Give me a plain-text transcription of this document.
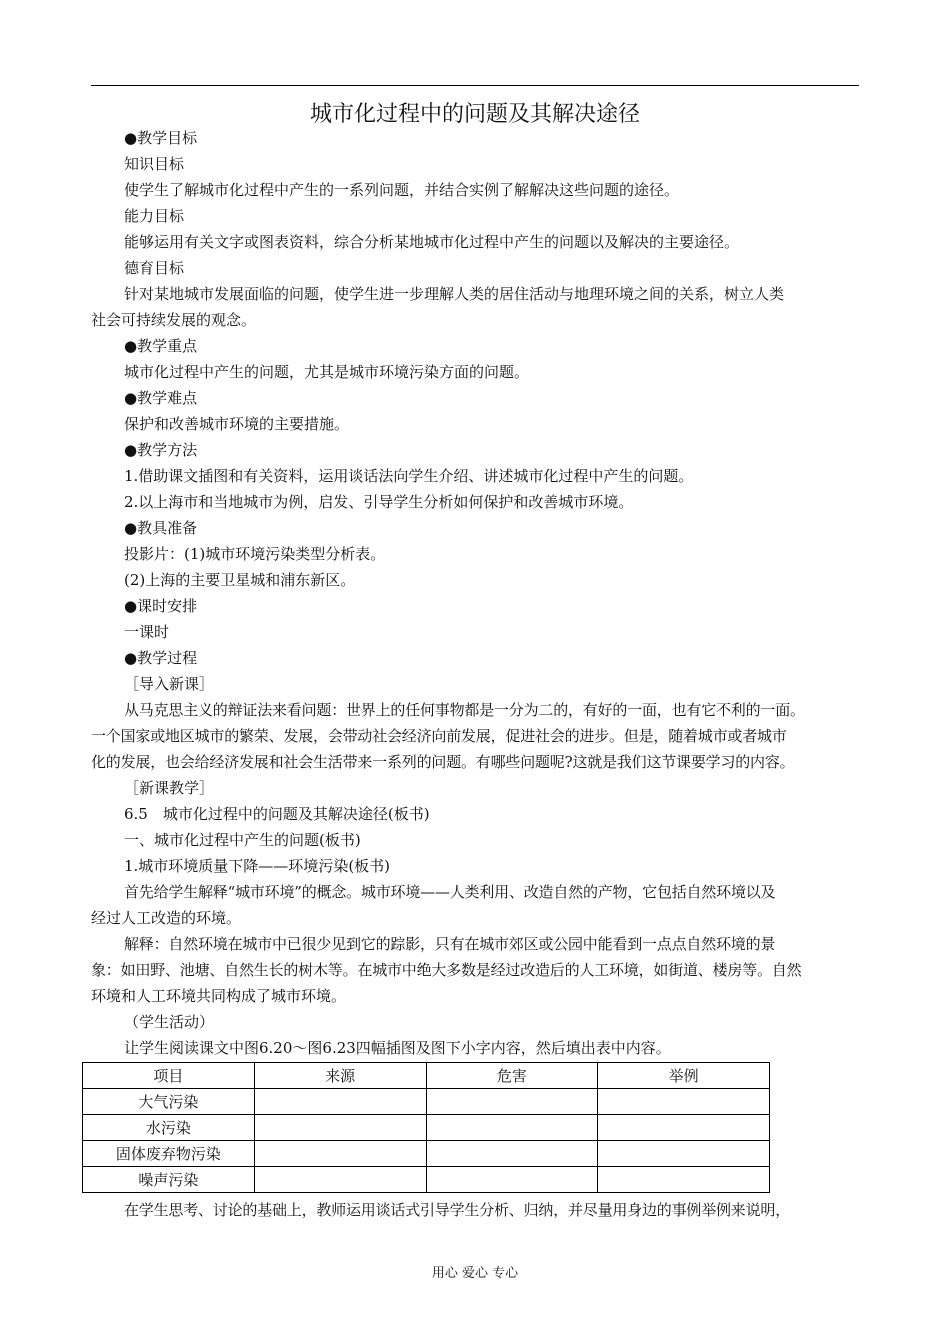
城市化过程中的问题及其解决途径
●教学目标
知识目标
使学生了解城市化过程中产生的一系列问题，并结合实例了解解决这些问题的途径。
能力目标
能够运用有关文字或图表资料，综合分析某地城市化过程中产生的问题以及解决的主要途径。
德育目标
针对某地城市发展面临的问题，使学生进一步理解人类的居住活动与地理环境之间的关系，树立人类
社会可持续发展的观念。
●教学重点
城市化过程中产生的问题，尤其是城市环境污染方面的问题。
●教学难点
保护和改善城市环境的主要措施。
●教学方法
1.借助课文插图和有关资料，运用谈话法向学生介绍、讲述城市化过程中产生的问题。
2.以上海市和当地城市为例，启发、引导学生分析如何保护和改善城市环境。
●教具准备
投影片：(1)城市环境污染类型分析表。
(2)上海的主要卫星城和浦东新区。
●课时安排
一课时
●教学过程
［导入新课］
从马克思主义的辩证法来看问题：世界上的任何事物都是一分为二的，有好的一面，也有它不利的一面。
一个国家或地区城市的繁荣、发展，会带动社会经济向前发展，促进社会的进步。但是，随着城市或者城市
化的发展，也会给经济发展和社会生活带来一系列的问题。有哪些问题呢?这就是我们这节课要学习的内容。
［新课教学］
6.5　城市化过程中的问题及其解决途径(板书)
一、城市化过程中产生的问题(板书)
1.城市环境质量下降——环境污染(板书)
首先给学生解释“城市环境”的概念。城市环境——人类利用、改造自然的产物，它包括自然环境以及
经过人工改造的环境。
解释：自然环境在城市中已很少见到它的踪影，只有在城市郊区或公园中能看到一点点自然环境的景
象：如田野、池塘、自然生长的树木等。在城市中绝大多数是经过改造后的人工环境，如街道、楼房等。自然
环境和人工环境共同构成了城市环境。
（学生活动）
让学生阅读课文中图6.20～图6.23四幅插图及图下小字内容，然后填出表中内容。
项目	来源	危害	举例
大气污染			
水污染			
固体废弃物污染			
噪声污染			
在学生思考、讨论的基础上，教师运用谈话式引导学生分析、归纳，并尽量用身边的事例举例来说明，
用心 爱心 专心
